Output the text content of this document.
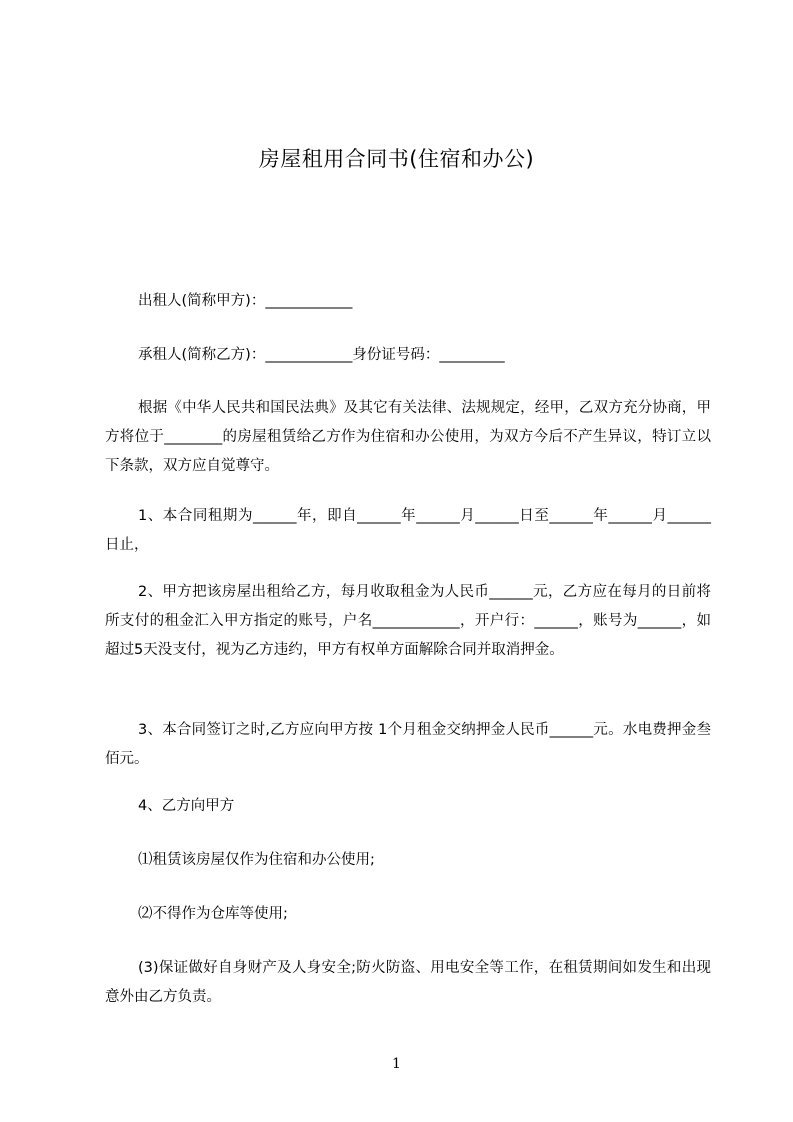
房屋租用合同书(住宿和办公)
出租人(简称甲方)：____________
承租人(简称乙方)：____________身份证号码：_________
根据《中华人民共和国民法典》及其它有关法律、法规规定，经甲，乙双方充分协商，甲方将位于________的房屋租赁给乙方作为住宿和办公使用，为双方今后不产生异议，特订立以下条款，双方应自觉尊守。
1、本合同租期为______年，即自______年______月______日至______年______月______日止，
2、甲方把该房屋出租给乙方，每月收取租金为人民币______元，乙方应在每月的日前将所支付的租金汇入甲方指定的账号，户名____________，开户行：______，账号为______，如超过5天没支付，视为乙方违约，甲方有权单方面解除合同并取消押金。
3、本合同签订之时,乙方应向甲方按 1个月租金交纳押金人民币______元。水电费押金叁佰元。
4、乙方向甲方
⑴租赁该房屋仅作为住宿和办公使用;
⑵不得作为仓库等使用;
(3)保证做好自身财产及人身安全;防火防盗、用电安全等工作，在租赁期间如发生和出现意外由乙方负责。
1
